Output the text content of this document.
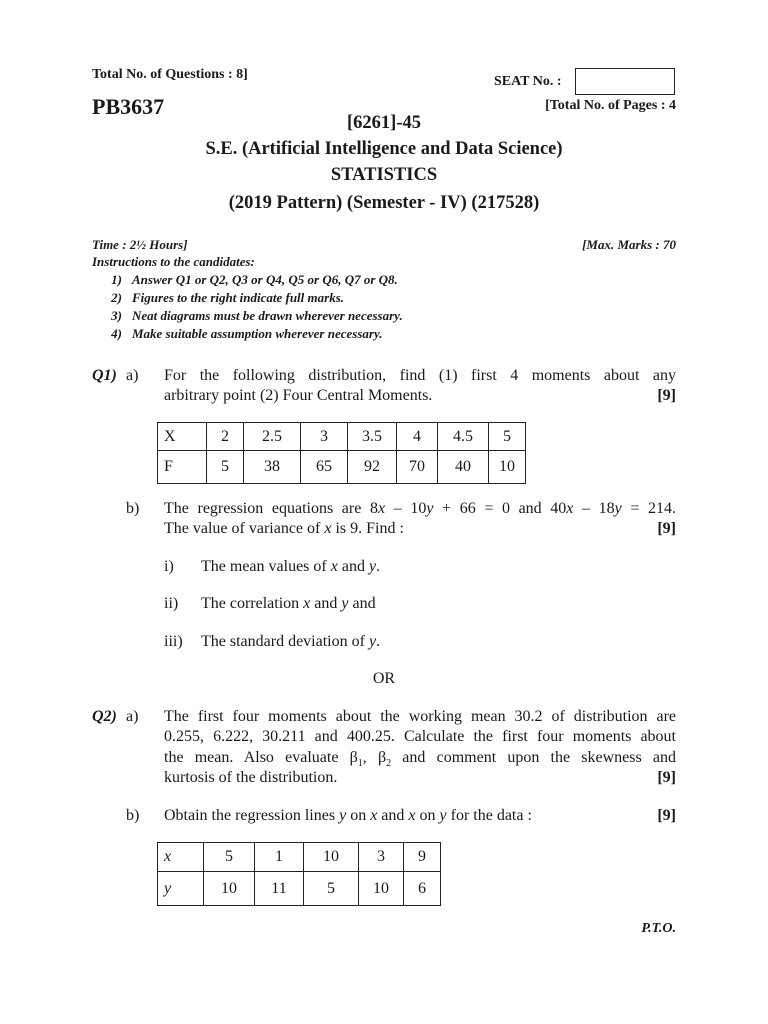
Total No. of Questions : 8]	SEAT No. :
PB3637	[Total No. of Pages : 4
[6261]-45
S.E. (Artificial Intelligence and Data Science)
STATISTICS
(2019 Pattern) (Semester - IV) (217528)
Time : 2½ Hours]	[Max. Marks : 70
Instructions to the candidates:
1) Answer Q1 or Q2, Q3 or Q4, Q5 or Q6, Q7 or Q8.
2) Figures to the right indicate full marks.
3) Neat diagrams must be drawn wherever necessary.
4) Make suitable assumption wherever necessary.
Q1) a) For the following distribution, find (1) first 4 moments about any
arbitrary point (2) Four Central Moments.	[9]
X	2	2.5	3	3.5	4	4.5	5
F	5	38	65	92	70	40	10
b) The regression equations are 8x – 10y + 66 = 0 and 40x – 18y = 214.
The value of variance of x is 9. Find :	[9]
i) The mean values of x and y.
ii) The correlation x and y and
iii) The standard deviation of y.
OR
Q2) a) The first four moments about the working mean 30.2 of distribution are
0.255, 6.222, 30.211 and 400.25. Calculate the first four moments about
the mean. Also evaluate $\beta_1$, $\beta_2$ and comment upon the skewness and
kurtosis of the distribution.	[9]
b) Obtain the regression lines y on x and x on y for the data :	[9]
x	5	1	10	3	9
y	10	11	5	10	6
P.T.O.
